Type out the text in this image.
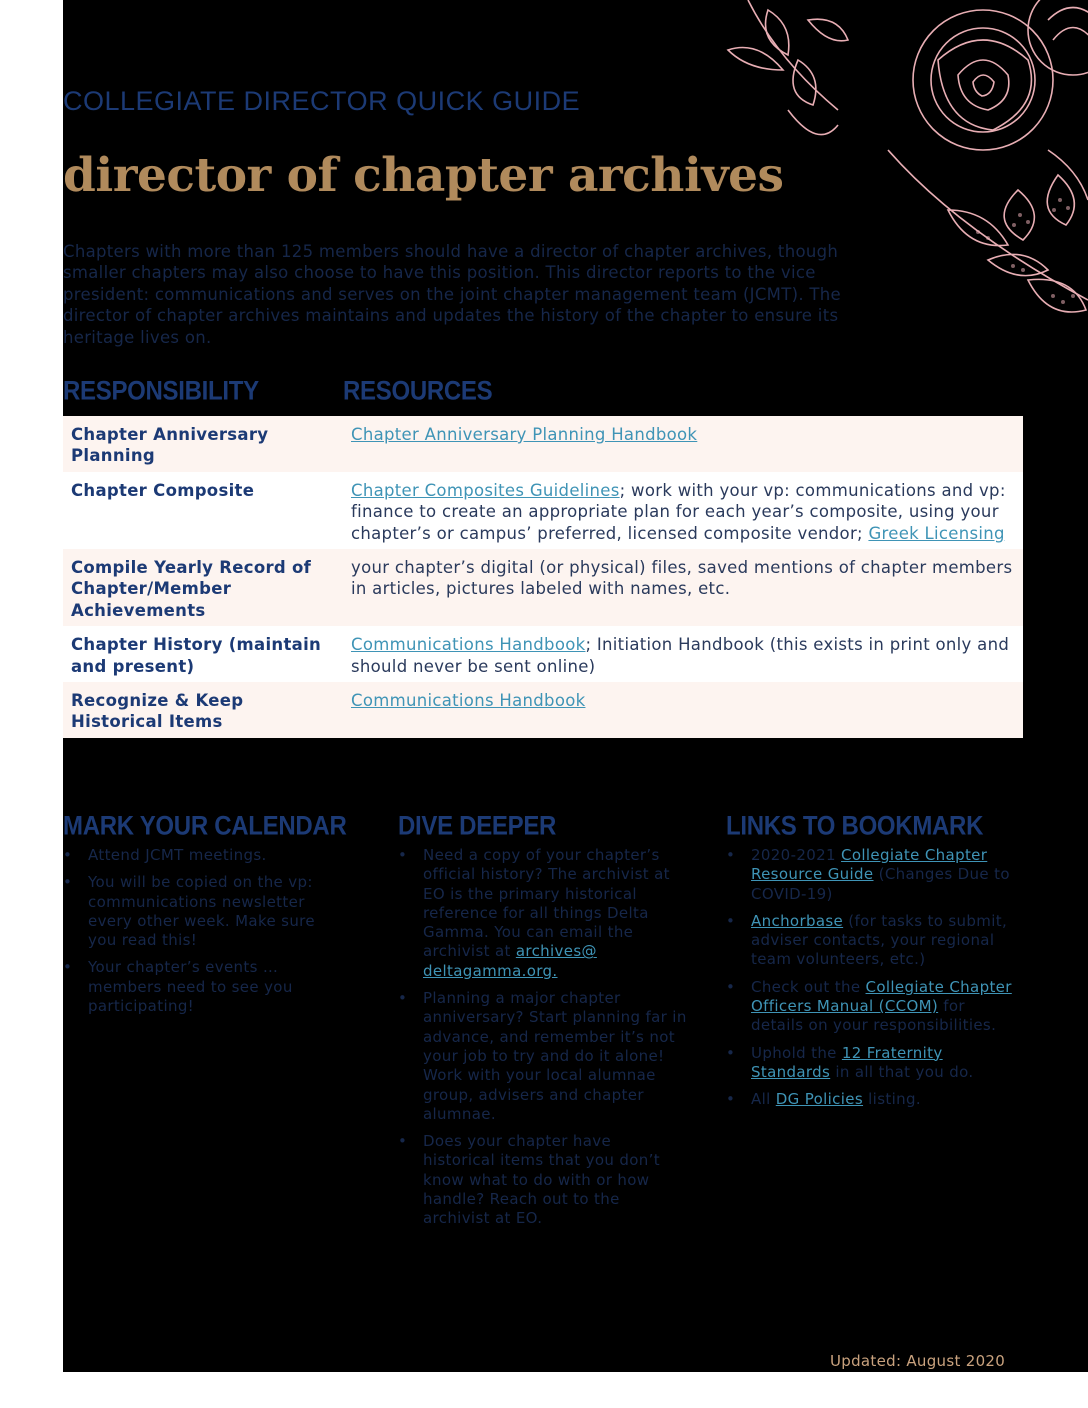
COLLEGIATE DIRECTOR QUICK GUIDE
director of chapter archives
Chapters with more than 125 members should have a director of chapter archives, though smaller chapters may also choose to have this position. This director reports to the vice president: communications and serves on the joint chapter management team (JCMT). The director of chapter archives maintains and updates the history of the chapter to ensure its heritage lives on.
RESPONSIBILITY	RESOURCES
Chapter Anniversary Planning	Chapter Anniversary Planning Handbook
Chapter Composite	Chapter Composites Guidelines; work with your vp: communications and vp: finance to create an appropriate plan for each year’s composite, using your chapter’s or campus’ preferred, licensed composite vendor; Greek Licensing
Compile Yearly Record of Chapter/Member Achievements	your chapter’s digital (or physical) files, saved mentions of chapter members in articles, pictures labeled with names, etc.
Chapter History (maintain and present)	Communications Handbook; Initiation Handbook (this exists in print only and should never be sent online)
Recognize & Keep Historical Items	Communications Handbook
MARK YOUR CALENDAR DIVE DEEPER	LINKS TO BOOKMARK
• Attend JCMT meetings.
• You will be copied on the vp: communications newsletter every other week. Make sure you read this!
• Your chapter’s events … members need to see you participating!
• Need a copy of your chapter’s official history? The archivist at EO is the primary historical reference for all things Delta Gamma. You can email the archivist at archives@ deltagamma.org.
• Planning a major chapter anniversary? Start planning far in advance, and remember it’s not your job to try and do it alone! Work with your local alumnae group, advisers and chapter alumnae.
• Does your chapter have historical items that you don’t know what to do with or how handle? Reach out to the archivist at EO.
• 2020-2021 Collegiate Chapter Resource Guide (Changes Due to COVID-19)
• Anchorbase (for tasks to submit, adviser contacts, your regional team volunteers, etc.)
• Check out the Collegiate Chapter Officers Manual (CCOM) for details on your responsibilities.
• Uphold the 12 Fraternity Standards in all that you do.
• All DG Policies listing.
Updated: August 2020
